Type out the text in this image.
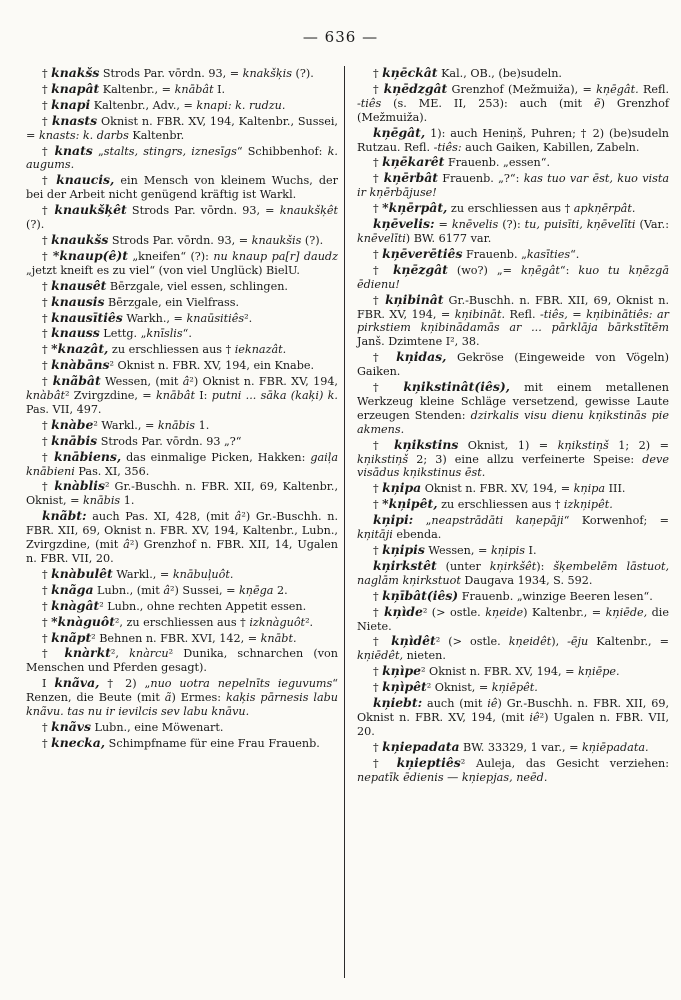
— 636 —

† knakšs Strods Par. vōrdn. 93, = knakšķis (?).

† knapât Kaltenbr., = knābât I.

† knapi Kaltenbr., Adv., = knapi: k. rudzu.

† knasts Oknist n. FBR. XV, 194, Kaltenbr., Sussei, = knasts: k. darbs Kaltenbr.

† knats „stalts, stingrs, iznesīgs“ Schibbenhof: k. augums.

† knaucis, ein Mensch von kleinem Wuchs, der bei der Arbeit nicht genügend kräftig ist Warkl.

† knaukšķêt Strods Par. vōrdn. 93, = knaukšķêt (?).

† knaukšs Strods Par. vōrdn. 93, = knaukšis (?).

† *knaup(ê)t „kneifen“ (?): nu knaup pa[r] daudz „jetzt kneift es zu viel“ (von viel Unglück) BielU.

† knausêt Bērzgale, viel essen, schlingen.

† knausis Bērzgale, ein Vielfrass.

† knausītiês Warkh., = knaūsitiês².

† knauss Lettg. „knīslis“.

† *knazât, zu erschliessen aus † ieknazât.

† knàbāns² Oknist n. FBR. XV, 194, ein Knabe.

† knãbât Wessen, (mit â²) Oknist n. FBR. XV, 194, knàbât² Zvirgzdine, = knābât I: putni ... sāka (kaķi) k. Pas. VII, 497.

† knàbe² Warkl., = knābis 1.

† knābis Strods Par. vōrdn. 93 „?“

† knābiens, das einmalige Picken, Hakken: gaiļa knābieni Pas. XI, 356.

† knàblis² Gr.-Buschh. n. FBR. XII, 69, Kaltenbr., Oknist, = knābis 1.

knãbt: auch Pas. XI, 428, (mit â²) Gr.-Buschh. n. FBR. XII, 69, Oknist n. FBR. XV, 194, Kaltenbr., Lubn., Zvirgzdine, (mit â²) Grenzhof n. FBR. XII, 14, Ugalen n. FBR. VII, 20.

† knàbulêt Warkl., = knābuļuôt.

† knãga Lubn., (mit â²) Sussei, = kņēga 2.

† knàgât² Lubn., ohne rechten Appetit essen.

† *knàguôt², zu erschliessen aus † izknàguôt².

† knãpt² Behnen n. FBR. XVI, 142, = knābt.

† knàrkt², knàrcu² Dunika, schnarchen (von Menschen und Pferden gesagt).

I knãva, † 2) „nuo uotra nepelnīts ieguvums“ Renzen, die Beute (mit ã) Ermes: kaķis pārnesis labu knãvu. tas nu ir ievilcis sev labu knāvu.

† knãvs Lubn., eine Möwenart.

† knecka, Schimpfname für eine Frau Frauenb.

† kņēckât Kal., OB., (be)sudeln.

† kņēdzgât Grenzhof (Mežmuiža), = kņēgât. Refl. -tiês (s. ME. II, 253): auch (mit ẽ) Grenzhof (Mežmuiža).

kņēgât, 1): auch Heniņš, Puhren; † 2) (be)sudeln Rutzau. Refl. -tiês: auch Gaiken, Kabillen, Zabeln.

† kņēkarêt Frauenb. „essen“.

† kņērbât Frauenb. „?“: kas tuo var ēst, kuo vista ir kņērbājuse!

† *kņērpât, zu erschliessen aus † apkņērpât.

kņēvelis: = knēvelis (?): tu, puisīti, kņēvelīti (Var.: knēvelīti) BW. 6177 var.

† kņēverētiês Frauenb. „kasīties“.

† kņēzgât (wo?) „= kņēgât“: kuo tu kņēzgā ēdienu!

† kņibinât Gr.-Buschh. n. FBR. XII, 69, Oknist n. FBR. XV, 194, = kņibināt. Refl. -tiês, = kņibinātiês: ar pirkstiem kņibinādamās ar ... pārklāja bārkstītēm Janš. Dzimtene I², 38.

† kņidas, Gekröse (Eingeweide von Vögeln) Gaiken.

† kņikstinât(iês), mit einem metallenen Werkzeug kleine Schläge versetzend, gewisse Laute erzeugen Stenden: dzirkalis visu dienu kņikstinās pie akmens.

† kņikstins Oknist, 1) = kņikstiņš 1; 2) = kņikstiņš 2; 3) eine allzu verfeinerte Speise: deve visādus kņikstinus ēst.

† kņipa Oknist n. FBR. XV, 194, = kņipa III.

† *kņipêt, zu erschliessen aus † izkņipêt.

kņipi: „neapstrādāti kaņepāji“ Korwenhof; = kņitāji ebenda.

† kņipis Wessen, = kņipis I.

kņirkstêt (unter kņirkšêt): šķembelēm lāstuot, naglām kņirkstuot Daugava 1934, S. 592.

† kņībât(iês) Frauenb. „winzige Beeren lesen“.

† kņìde² (> ostle. kņeide) Kaltenbr., = kņiēde, die Niete.

† kņìdêt² (> ostle. kņeidêt), -ēju Kaltenbr., = kņiēdêt, nieten.

† kņìpe² Oknist n. FBR. XV, 194, = kņiēpe.

† kņìpêt² Oknist, = kņiēpêt.

kņiebt: auch (mit iê) Gr.-Buschh. n. FBR. XII, 69, Oknist n. FBR. XV, 194, (mit iê²) Ugalen n. FBR. VII, 20.

† kņiepadata BW. 33329, 1 var., = kņiēpadata.

† kņieptiês² Auleja, das Gesicht verziehen: nepatīk ēdienis — kņiepjas, neēd.
